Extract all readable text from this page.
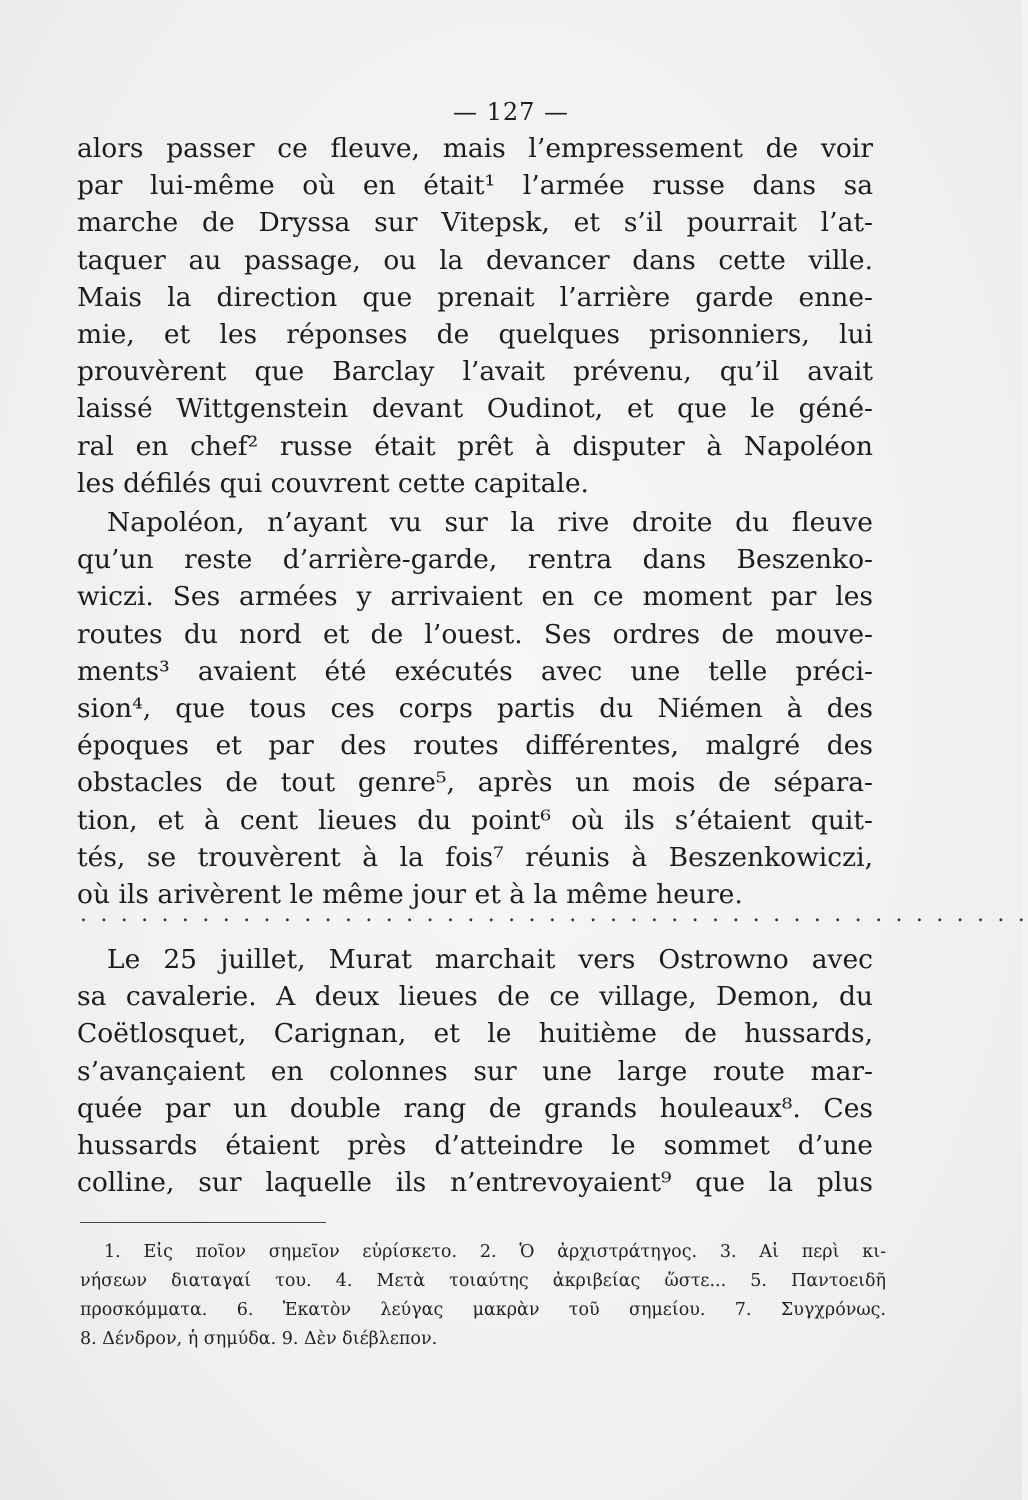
— 127 —
alors passer ce fleuve, mais l’empressement de voir
par lui-même où en était¹ l’armée russe dans sa
marche de Dryssa sur Vitepsk, et s’il pourrait l’at-
taquer au passage, ou la devancer dans cette ville.
Mais la direction que prenait l’arrière garde enne-
mie, et les réponses de quelques prisonniers, lui
prouvèrent que Barclay l’avait prévenu, qu’il avait
laissé Wittgenstein devant Oudinot, et que le géné-
ral en chef² russe était prêt à disputer à Napoléon
les défilés qui couvrent cette capitale.
Napoléon, n’ayant vu sur la rive droite du fleuve
qu’un reste d’arrière-garde, rentra dans Beszenko-
wiczi. Ses armées y arrivaient en ce moment par les
routes du nord et de l’ouest. Ses ordres de mouve-
ments³ avaient été exécutés avec une telle préci-
sion⁴, que tous ces corps partis du Niémen à des
époques et par des routes différentes, malgré des
obstacles de tout genre⁵, après un mois de sépara-
tion, et à cent lieues du point⁶ où ils s’étaient quit-
tés, se trouvèrent à la fois⁷ réunis à Beszenkowiczi,
où ils arivèrent le même jour et à la même heure.
. . . . . . . . . . . . . . . . . . . . . . . . . . . . . . . . . . . . . . . . . . . . . . .
Le 25 juillet, Murat marchait vers Ostrowno avec
sa cavalerie. A deux lieues de ce village, Demon, du
Coëtlosquet, Carignan, et le huitième de hussards,
s’avançaient en colonnes sur une large route mar-
quée par un double rang de grands houleaux⁸. Ces
hussards étaient près d’atteindre le sommet d’une
colline, sur laquelle ils n’entrevoyaient⁹ que la plus
1. Εἰς ποῖον σημεῖον εὑρίσκετο. 2. Ὁ ἀρχιστράτηγος. 3. Αἱ περὶ κι-
νήσεων διαταγαί του. 4. Μετὰ τοιαύτης ἀκριβείας ὥστε... 5. Παντοειδῆ
προσκόμματα. 6. Ἑκατὸν λεύγας μακρὰν τοῦ σημείου. 7. Συγχρόνως.
8. Δένδρον, ἡ σημύδα. 9. Δὲν διέβλεπον.
